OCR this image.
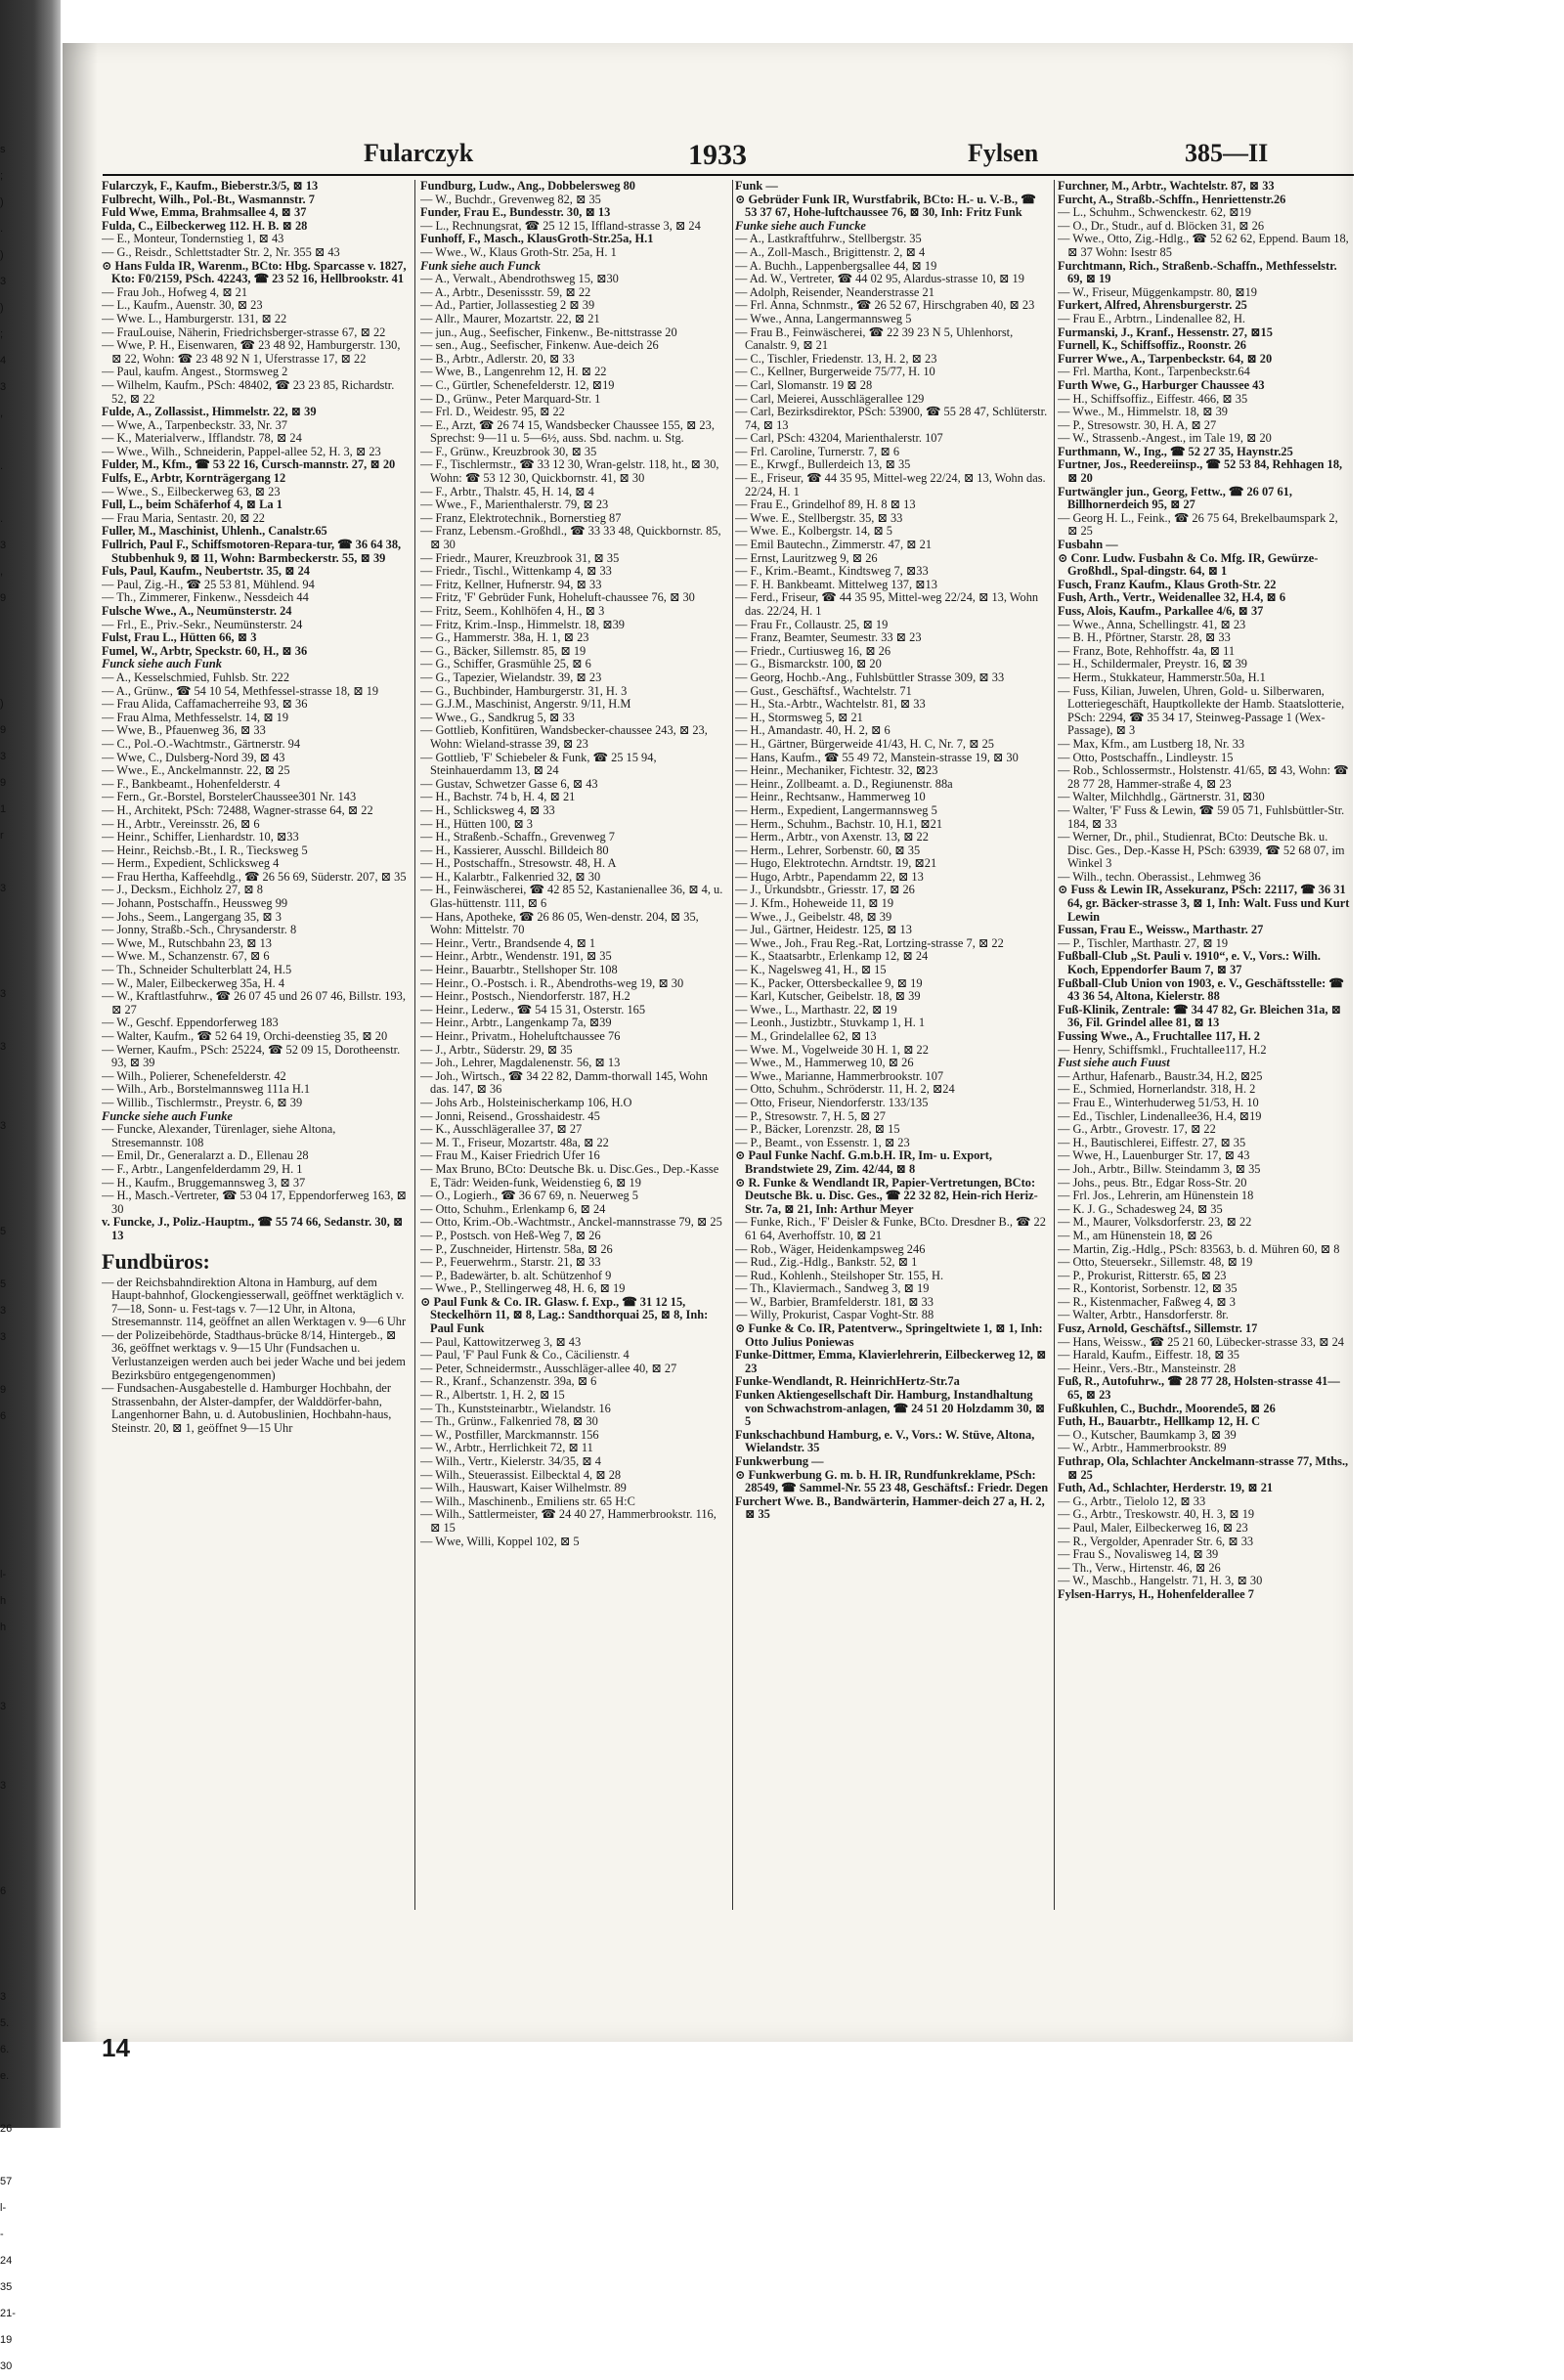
s
;
)
.
)
3
)
;
4
3
,

.

.
3
,
9

)
9
3
9
1
r

3

3

3

3

5

5
3
3

9
6

l-
h
h

3

3

6

3
5.
6.
e.

26

57
l-
-
24
35
21-
19
30
Fularczyk	1933	Fylsen	385—II
Fularczyk, F., Kaufm., Bieberstr.3/5, ⊠ 13
Fulbrecht, Wilh., Pol.-Bt., Wasmannstr. 7
Fuld Wwe, Emma, Brahmsallee 4, ⊠ 37
Fulda, C., Eilbeckerweg 112. H. B. ⊠ 28
— E., Monteur, Tondernstieg 1, ⊠ 43
— G., Reisdr., Schlettstadter Str. 2, Nr. 355 ⊠ 43
⊙ Hans Fulda IR, Warenm., BCto: Hbg. Sparcasse v. 1827, Kto: F0/2159, PSch. 42243, ☎ 23 52 16, Hellbrookstr. 41
— Frau Joh., Hofweg 4, ⊠ 21
— L., Kaufm., Auenstr. 30, ⊠ 23
— Wwe. L., Hamburgerstr. 131, ⊠ 22
— FrauLouise, Näherin, Friedrichsberger-strasse 67, ⊠ 22
— Wwe, P. H., Eisenwaren, ☎ 23 48 92, Hamburgerstr. 130, ⊠ 22, Wohn: ☎ 23 48 92 N 1, Uferstrasse 17, ⊠ 22
— Paul, kaufm. Angest., Stormsweg 2
— Wilhelm, Kaufm., PSch: 48402, ☎ 23 23 85, Richardstr. 52, ⊠ 22
Fulde, A., Zollassist., Himmelstr. 22, ⊠ 39
— Wwe, A., Tarpenbeckstr. 33, Nr. 37
— K., Materialverw., Ifflandstr. 78, ⊠ 24
— Wwe., Wilh., Schneiderin, Pappel-allee 52, H. 3, ⊠ 23
Fulder, M., Kfm., ☎ 53 22 16, Cursch-mannstr. 27, ⊠ 20
Fulfs, E., Arbtr, Kornträgergang 12
— Wwe., S., Eilbeckerweg 63, ⊠ 23
Full, L., beim Schäferhof 4, ⊠ La 1
— Frau Maria, Sentastr. 20, ⊠ 22
Fuller, M., Maschinist, Uhlenh., Canalstr.65
Fullrich, Paul F., Schiffsmotoren-Repara-tur, ☎ 36 64 38, Stubbenhuk 9, ⊠ 11, Wohn: Barmbeckerstr. 55, ⊠ 39
Fuls, Paul, Kaufm., Neubertstr. 35, ⊠ 24
— Paul, Zig.-H., ☎ 25 53 81, Mühlend. 94
— Th., Zimmerer, Finkenw., Nessdeich 44
Fulsche Wwe., A., Neumünsterstr. 24
— Frl., E., Priv.-Sekr., Neumünsterstr. 24
Fulst, Frau L., Hütten 66, ⊠ 3
Fumel, W., Arbtr, Speckstr. 60, H., ⊠ 36
Funck siehe auch Funk
— A., Kesselschmied, Fuhlsb. Str. 222
— A., Grünw., ☎ 54 10 54, Methfessel-strasse 18, ⊠ 19
— Frau Alida, Caffamacherreihe 93, ⊠ 36
— Frau Alma, Methfesselstr. 14, ⊠ 19
— Wwe, B., Pfauenweg 36, ⊠ 33
— C., Pol.-O.-Wachtmstr., Gärtnerstr. 94
— Wwe, C., Dulsberg-Nord 39, ⊠ 43
— Wwe., E., Anckelmannstr. 22, ⊠ 25
— F., Bankbeamt., Hohenfelderstr. 4
— Fern., Gr.-Borstel, BorstelerChaussee301 Nr. 143
— H., Architekt, PSch: 72488, Wagner-strasse 64, ⊠ 22
— H., Arbtr., Vereinsstr. 26, ⊠ 6
— Heinr., Schiffer, Lienhardstr. 10, ⊠33
— Heinr., Reichsb.-Bt., I. R., Tiecksweg 5
— Herm., Expedient, Schlicksweg 4
— Frau Hertha, Kaffeehdlg., ☎ 26 56 69, Süderstr. 207, ⊠ 35
— J., Decksm., Eichholz 27, ⊠ 8
— Johann, Postschaffn., Heussweg 99
— Johs., Seem., Langergang 35, ⊠ 3
— Jonny, Straßb.-Sch., Chrysanderstr. 8
— Wwe, M., Rutschbahn 23, ⊠ 13
— Wwe. M., Schanzenstr. 67, ⊠ 6
— Th., Schneider Schulterblatt 24, H.5
— W., Maler, Eilbeckerweg 35a, H. 4
— W., Kraftlastfuhrw., ☎ 26 07 45 und 26 07 46, Billstr. 193, ⊠ 27
— W., Geschf. Eppendorferweg 183
— Walter, Kaufm., ☎ 52 64 19, Orchi-deenstieg 35, ⊠ 20
— Werner, Kaufm., PSch: 25224, ☎ 52 09 15, Dorotheenstr. 93, ⊠ 39
— Wilh., Polierer, Schenefelderstr. 42
— Wilh., Arb., Borstelmannsweg 111a H.1
— Willib., Tischlermstr., Preystr. 6, ⊠ 39
Funcke siehe auch Funke
— Funcke, Alexander, Türenlager, siehe Altona, Stresemannstr. 108
— Emil, Dr., Generalarzt a. D., Ellenau 28
— F., Arbtr., Langenfelderdamm 29, H. 1
— H., Kaufm., Bruggemannsweg 3, ⊠ 37
— H., Masch.-Vertreter, ☎ 53 04 17, Eppendorferweg 163, ⊠ 30
v. Funcke, J., Poliz.-Hauptm., ☎ 55 74 66, Sedanstr. 30, ⊠ 13
Fundbüros:
— der Reichsbahndirektion Altona in Hamburg, auf dem Haupt-bahnhof, Glockengiesserwall, geöffnet werktäglich v. 7—18, Sonn- u. Fest-tags v. 7—12 Uhr, in Altona, Stresemannstr. 114, geöffnet an allen Werktagen v. 9—6 Uhr
— der Polizeibehörde, Stadthaus-brücke 8/14, Hintergeb., ⊠ 36, geöffnet werktags v. 9—15 Uhr (Fundsachen u. Verlustanzeigen werden auch bei jeder Wache und bei jedem Bezirksbüro entgegengenommen)
— Fundsachen-Ausgabestelle d. Hamburger Hochbahn, der Strassenbahn, der Alster-dampfer, der Walddörfer-bahn, Langenhorner Bahn, u. d. Autobuslinien, Hochbahn-haus, Steinstr. 20, ⊠ 1, geöffnet 9—15 Uhr
Fundburg, Ludw., Ang., Dobbelersweg 80
— W., Buchdr., Grevenweg 82, ⊠ 35
Funder, Frau E., Bundesstr. 30, ⊠ 13
— L., Rechnungsrat, ☎ 25 12 15, Iffland-strasse 3, ⊠ 24
Funhoff, F., Masch., KlausGroth-Str.25a, H.1
— Wwe., W., Klaus Groth-Str. 25a, H. 1
Funk siehe auch Funck
— A., Verwalt., Abendrothsweg 15, ⊠30
— A., Arbtr., Desenissstr. 59, ⊠ 22
— Ad., Partier, Jollassestieg 2 ⊠ 39
— Allr., Maurer, Mozartstr. 22, ⊠ 21
— jun., Aug., Seefischer, Finkenw., Be-nittstrasse 20
— sen., Aug., Seefischer, Finkenw. Aue-deich 26
— B., Arbtr., Adlerstr. 20, ⊠ 33
— Wwe, B., Langenrehm 12, H. ⊠ 22
— C., Gürtler, Schenefelderstr. 12, ⊠19
— D., Grünw., Peter Marquard-Str. 1
— Frl. D., Weidestr. 95, ⊠ 22
— E., Arzt, ☎ 26 74 15, Wandsbecker Chaussee 155, ⊠ 23, Sprechst: 9—11 u. 5—6½, auss. Sbd. nachm. u. Stg.
— F., Grünw., Kreuzbrook 30, ⊠ 35
— F., Tischlermstr., ☎ 33 12 30, Wran-gelstr. 118, ht., ⊠ 30, Wohn: ☎ 53 12 30, Quickbornstr. 41, ⊠ 30
— F., Arbtr., Thalstr. 45, H. 14, ⊠ 4
— Wwe., F., Marienthalerstr. 79, ⊠ 23
— Franz, Elektrotechnik., Bornerstieg 87
— Franz, Lebensm.-Großhdl., ☎ 33 33 48, Quickbornstr. 85, ⊠ 30
— Friedr., Maurer, Kreuzbrook 31, ⊠ 35
— Friedr., Tischl., Wittenkamp 4, ⊠ 33
— Fritz, Kellner, Hufnerstr. 94, ⊠ 33
— Fritz, 'F' Gebrüder Funk, Hoheluft-chaussee 76, ⊠ 30
— Fritz, Seem., Kohlhöfen 4, H., ⊠ 3
— Fritz, Krim.-Insp., Himmelstr. 18, ⊠39
— G., Hammerstr. 38a, H. 1, ⊠ 23
— G., Bäcker, Sillemstr. 85, ⊠ 19
— G., Schiffer, Grasmühle 25, ⊠ 6
— G., Tapezier, Wielandstr. 39, ⊠ 23
— G., Buchbinder, Hamburgerstr. 31, H. 3
— G.J.M., Maschinist, Angerstr. 9/11, H.M
— Wwe., G., Sandkrug 5, ⊠ 33
— Gottlieb, Konfitüren, Wandsbecker-chaussee 243, ⊠ 23, Wohn: Wieland-strasse 39, ⊠ 23
— Gottlieb, 'F' Schiebeler & Funk, ☎ 25 15 94, Steinhauerdamm 13, ⊠ 24
— Gustav, Schwetzer Gasse 6, ⊠ 43
— H., Bachstr. 74 b, H. 4, ⊠ 21
— H., Schlicksweg 4, ⊠ 33
— H., Hütten 100, ⊠ 3
— H., Straßenb.-Schaffn., Grevenweg 7
— H., Kassierer, Ausschl. Billdeich 80
— H., Postschaffn., Stresowstr. 48, H. A
— H., Kalarbtr., Falkenried 32, ⊠ 30
— H., Feinwäscherei, ☎ 42 85 52, Kastanienallee 36, ⊠ 4, u. Glas-hüttenstr. 111, ⊠ 6
— Hans, Apotheke, ☎ 26 86 05, Wen-denstr. 204, ⊠ 35, Wohn: Mittelstr. 70
— Heinr., Vertr., Brandsende 4, ⊠ 1
— Heinr., Arbtr., Wendenstr. 191, ⊠ 35
— Heinr., Bauarbtr., Stellshoper Str. 108
— Heinr., O.-Postsch. i. R., Abendroths-weg 19, ⊠ 30
— Heinr., Postsch., Niendorferstr. 187, H.2
— Heinr., Lederw., ☎ 54 15 31, Osterstr. 165
— Heinr., Arbtr., Langenkamp 7a, ⊠39
— Heinr., Privatm., Hoheluftchaussee 76
— J., Arbtr., Süderstr. 29, ⊠ 35
— Joh., Lehrer, Magdalenenstr. 56, ⊠ 13
— Joh., Wirtsch., ☎ 34 22 82, Damm-thorwall 145, Wohn das. 147, ⊠ 36
— Johs Arb., Holsteinischerkamp 106, H.O
— Jonni, Reisend., Grosshaidestr. 45
— K., Ausschlägerallee 37, ⊠ 27
— M. T., Friseur, Mozartstr. 48a, ⊠ 22
— Frau M., Kaiser Friedrich Ufer 16
— Max Bruno, BCto: Deutsche Bk. u. Disc.Ges., Dep.-Kasse E, Tädr: Weiden-funk, Weidenstieg 6, ⊠ 19
— O., Logierh., ☎ 36 67 69, n. Neuerweg 5
— Otto, Schuhm., Erlenkamp 6, ⊠ 24
— Otto, Krim.-Ob.-Wachtmstr., Anckel-mannstrasse 79, ⊠ 25
— P., Postsch. von Heß-Weg 7, ⊠ 26
— P., Zuschneider, Hirtenstr. 58a, ⊠ 26
— P., Feuerwehrm., Starstr. 21, ⊠ 33
— P., Badewärter, b. alt. Schützenhof 9
— Wwe., P., Stellingerweg 48, H. 6, ⊠ 19
⊙ Paul Funk & Co. IR. Glasw. f. Exp., ☎ 31 12 15, Steckelhörn 11, ⊠ 8, Lag.: Sandthorquai 25, ⊠ 8, Inh: Paul Funk
— Paul, Kattowitzerweg 3, ⊠ 43
— Paul, 'F' Paul Funk & Co., Cäcilienstr. 4
— Peter, Schneidermstr., Ausschläger-allee 40, ⊠ 27
— R., Kranf., Schanzenstr. 39a, ⊠ 6
— R., Albertstr. 1, H. 2, ⊠ 15
— Th., Kunststeinarbtr., Wielandstr. 16
— Th., Grünw., Falkenried 78, ⊠ 30
— W., Postfiller, Marckmannstr. 156
— W., Arbtr., Herrlichkeit 72, ⊠ 11
— Wilh., Vertr., Kielerstr. 34/35, ⊠ 4
— Wilh., Steuerassist. Eilbecktal 4, ⊠ 28
— Wilh., Hauswart, Kaiser Wilhelmstr. 89
— Wilh., Maschinenb., Emiliens str. 65 H:C
— Wilh., Sattlermeister, ☎ 24 40 27, Hammerbrookstr. 116, ⊠ 15
— Wwe, Willi, Koppel 102, ⊠ 5
Funk —
⊙ Gebrüder Funk IR, Wurstfabrik, BCto: H.- u. V.-B., ☎ 53 37 67, Hohe-luftchaussee 76, ⊠ 30, Inh: Fritz Funk
Funke siehe auch Funcke
— A., Lastkraftfuhrw., Stellbergstr. 35
— A., Zoll-Masch., Brigittenstr. 2, ⊠ 4
— A. Buchh., Lappenbergsallee 44, ⊠ 19
— Ad. W., Vertreter, ☎ 44 02 95, Alardus-strasse 10, ⊠ 19
— Adolph, Reisender, Neanderstrasse 21
— Frl. Anna, Schnmstr., ☎ 26 52 67, Hirschgraben 40, ⊠ 23
— Wwe., Anna, Langermannsweg 5
— Frau B., Feinwäscherei, ☎ 22 39 23 N 5, Uhlenhorst, Canalstr. 9, ⊠ 21
— C., Tischler, Friedenstr. 13, H. 2, ⊠ 23
— C., Kellner, Burgerweide 75/77, H. 10
— Carl, Slomanstr. 19 ⊠ 28
— Carl, Meierei, Ausschlägerallee 129
— Carl, Bezirksdirektor, PSch: 53900, ☎ 55 28 47, Schlüterstr. 74, ⊠ 13
— Carl, PSch: 43204, Marienthalerstr. 107
— Frl. Caroline, Turnerstr. 7, ⊠ 6
— E., Krwgf., Bullerdeich 13, ⊠ 35
— E., Friseur, ☎ 44 35 95, Mittel-weg 22/24, ⊠ 13, Wohn das. 22/24, H. 1
— Frau E., Grindelhof 89, H. 8 ⊠ 13
— Wwe. E., Stellbergstr. 35, ⊠ 33
— Wwe. E., Kolbergstr. 14, ⊠ 5
— Emil Bautechn., Zimmerstr. 47, ⊠ 21
— Ernst, Lauritzweg 9, ⊠ 26
— F., Krim.-Beamt., Kindtsweg 7, ⊠33
— F. H. Bankbeamt. Mittelweg 137, ⊠13
— Ferd., Friseur, ☎ 44 35 95, Mittel-weg 22/24, ⊠ 13, Wohn das. 22/24, H. 1
— Frau Fr., Collaustr. 25, ⊠ 19
— Franz, Beamter, Seumestr. 33 ⊠ 23
— Friedr., Curtiusweg 16, ⊠ 26
— G., Bismarckstr. 100, ⊠ 20
— Georg, Hochb.-Ang., Fuhlsbüttler Strasse 309, ⊠ 33
— Gust., Geschäftsf., Wachtelstr. 71
— H., Sta.-Arbtr., Wachtelstr. 81, ⊠ 33
— H., Stormsweg 5, ⊠ 21
— H., Amandastr. 40, H. 2, ⊠ 6
— H., Gärtner, Bürgerweide 41/43, H. C, Nr. 7, ⊠ 25
— Hans, Kaufm., ☎ 55 49 72, Manstein-strasse 19, ⊠ 30
— Heinr., Mechaniker, Fichtestr. 32, ⊠23
— Heinr., Zollbeamt. a. D., Regiunenstr. 88a
— Heinr., Rechtsanw., Hammerweg 10
— Herm., Expedient, Langermannsweg 5
— Herm., Schuhm., Bachstr. 10, H.1, ⊠21
— Herm., Arbtr., von Axenstr. 13, ⊠ 22
— Herm., Lehrer, Sorbenstr. 60, ⊠ 35
— Hugo, Elektrotechn. Arndtstr. 19, ⊠21
— Hugo, Arbtr., Papendamm 22, ⊠ 13
— J., Urkundsbtr., Griesstr. 17, ⊠ 26
— J. Kfm., Hoheweide 11, ⊠ 19
— Wwe., J., Geibelstr. 48, ⊠ 39
— Jul., Gärtner, Heidestr. 125, ⊠ 13
— Wwe., Joh., Frau Reg.-Rat, Lortzing-strasse 7, ⊠ 22
— K., Staatsarbtr., Erlenkamp 12, ⊠ 24
— K., Nagelsweg 41, H., ⊠ 15
— K., Packer, Ottersbeckallee 9, ⊠ 19
— Karl, Kutscher, Geibelstr. 18, ⊠ 39
— Wwe., L., Marthastr. 22, ⊠ 19
— Leonh., Justizbtr., Stuvkamp 1, H. 1
— M., Grindelallee 62, ⊠ 13
— Wwe. M., Vogelweide 30 H. 1, ⊠ 22
— Wwe., M., Hammerweg 10, ⊠ 26
— Wwe., Marianne, Hammerbrookstr. 107
— Otto, Schuhm., Schröderstr. 11, H. 2, ⊠24
— Otto, Friseur, Niendorferstr. 133/135
— P., Stresowstr. 7, H. 5, ⊠ 27
— P., Bäcker, Lorenzstr. 28, ⊠ 15
— P., Beamt., von Essenstr. 1, ⊠ 23
⊙ Paul Funke Nachf. G.m.b.H. IR, Im- u. Export, Brandstwiete 29, Zim. 42/44, ⊠ 8
⊙ R. Funke & Wendlandt IR, Papier-Vertretungen, BCto: Deutsche Bk. u. Disc. Ges., ☎ 22 32 82, Hein-rich Heriz-Str. 7a, ⊠ 21, Inh: Arthur Meyer
— Funke, Rich., 'F' Deisler & Funke, BCto. Dresdner B., ☎ 22 61 64, Averhoffstr. 10, ⊠ 21
— Rob., Wäger, Heidenkampsweg 246
— Rud., Zig.-Hdlg., Bankstr. 52, ⊠ 1
— Rud., Kohlenh., Steilshoper Str. 155, H.
— Th., Klaviermach., Sandweg 3, ⊠ 19
— W., Barbier, Bramfelderstr. 181, ⊠ 33
— Willy, Prokurist, Caspar Voght-Str. 88
⊙ Funke & Co. IR, Patentverw., Springeltwiete 1, ⊠ 1, Inh: Otto Julius Poniewas
Funke-Dittmer, Emma, Klavierlehrerin, Eilbeckerweg 12, ⊠ 23
Funke-Wendlandt, R. HeinrichHertz-Str.7a
Funken Aktiengesellschaft Dir. Hamburg, Instandhaltung von Schwachstrom-anlagen, ☎ 24 51 20 Holzdamm 30, ⊠ 5
Funkschachbund Hamburg, e. V., Vors.: W. Stüve, Altona, Wielandstr. 35
Funkwerbung —
⊙ Funkwerbung G. m. b. H. IR, Rundfunkreklame, PSch: 28549, ☎ Sammel-Nr. 55 23 48, Geschäftsf.: Friedr. Degen
Furchert Wwe. B., Bandwärterin, Hammer-deich 27 a, H. 2, ⊠ 35
Furchner, M., Arbtr., Wachtelstr. 87, ⊠ 33
Furcht, A., Straßb.-Schffn., Henriettenstr.26
— L., Schuhm., Schwenckestr. 62, ⊠19
— O., Dr., Studr., auf d. Blöcken 31, ⊠ 26
— Wwe., Otto, Zig.-Hdlg., ☎ 52 62 62, Eppend. Baum 18, ⊠ 37 Wohn: Isestr 85
Furchtmann, Rich., Straßenb.-Schaffn., Methfesselstr. 69, ⊠ 19
— W., Friseur, Müggenkampstr. 80, ⊠19
Furkert, Alfred, Ahrensburgerstr. 25
— Frau E., Arbtrn., Lindenallee 82, H.
Furmanski, J., Kranf., Hessenstr. 27, ⊠15
Furnell, K., Schiffsoffiz., Roonstr. 26
Furrer Wwe., A., Tarpenbeckstr. 64, ⊠ 20
— Frl. Martha, Kont., Tarpenbeckstr.64
Furth Wwe, G., Harburger Chaussee 43
— H., Schiffsoffiz., Eiffestr. 466, ⊠ 35
— Wwe., M., Himmelstr. 18, ⊠ 39
— P., Stresowstr. 30, H. A, ⊠ 27
— W., Strassenb.-Angest., im Tale 19, ⊠ 20
Furthmann, W., Ing., ☎ 52 27 35, Haynstr.25
Furtner, Jos., Reedereiinsp., ☎ 52 53 84, Rehhagen 18, ⊠ 20
Furtwängler jun., Georg, Fettw., ☎ 26 07 61, Billhornerdeich 95, ⊠ 27
— Georg H. L., Feink., ☎ 26 75 64, Brekelbaumspark 2, ⊠ 25
Fusbahn —
⊙ Conr. Ludw. Fusbahn & Co. Mfg. IR, Gewürze-Großhdl., Spal-dingstr. 64, ⊠ 1
Fusch, Franz Kaufm., Klaus Groth-Str. 22
Fush, Arth., Vertr., Weidenallee 32, H.4, ⊠ 6
Fuss, Alois, Kaufm., Parkallee 4/6, ⊠ 37
— Wwe., Anna, Schellingstr. 41, ⊠ 23
— B. H., Pförtner, Starstr. 28, ⊠ 33
— Franz, Bote, Rehhoffstr. 4a, ⊠ 11
— H., Schildermaler, Preystr. 16, ⊠ 39
— Herm., Stukkateur, Hammerstr.50a, H.1
— Fuss, Kilian, Juwelen, Uhren, Gold- u. Silberwaren, Lotteriegeschäft, Hauptkollekte der Hamb. Staatslotterie, PSch: 2294, ☎ 35 34 17, Steinweg-Passage 1 (Wex-Passage), ⊠ 3
— Max, Kfm., am Lustberg 18, Nr. 33
— Otto, Postschaffn., Lindleystr. 15
— Rob., Schlossermstr., Holstenstr. 41/65, ⊠ 43, Wohn: ☎ 28 77 28, Hammer-straße 4, ⊠ 23
— Walter, Milchhdlg., Gärtnerstr. 31, ⊠30
— Walter, 'F' Fuss & Lewin, ☎ 59 05 71, Fuhlsbüttler-Str. 184, ⊠ 33
— Werner, Dr., phil., Studienrat, BCto: Deutsche Bk. u. Disc. Ges., Dep.-Kasse H, PSch: 63939, ☎ 52 68 07, im Winkel 3
— Wilh., techn. Oberassist., Lehmweg 36
⊙ Fuss & Lewin IR, Assekuranz, PSch: 22117, ☎ 36 31 64, gr. Bäcker-strasse 3, ⊠ 1, Inh: Walt. Fuss und Kurt Lewin
Fussan, Frau E., Weissw., Marthastr. 27
— P., Tischler, Marthastr. 27, ⊠ 19
Fußball-Club „St. Pauli v. 1910“, e. V., Vors.: Wilh. Koch, Eppendorfer Baum 7, ⊠ 37
Fußball-Club Union von 1903, e. V., Geschäftsstelle: ☎ 43 36 54, Altona, Kielerstr. 88
Fuß-Klinik, Zentrale: ☎ 34 47 82, Gr. Bleichen 31a, ⊠ 36, Fil. Grindel allee 81, ⊠ 13
Fussing Wwe., A., Fruchtallee 117, H. 2
— Henry, Schiffsmkl., Fruchtallee117, H.2
Fust siehe auch Fuust
— Arthur, Hafenarb., Baustr.34, H.2, ⊠25
— E., Schmied, Hornerlandstr. 318, H. 2
— Frau E., Winterhuderweg 51/53, H. 10
— Ed., Tischler, Lindenallee36, H.4, ⊠19
— G., Arbtr., Grovestr. 17, ⊠ 22
— H., Bautischlerei, Eiffestr. 27, ⊠ 35
— Wwe, H., Lauenburger Str. 17, ⊠ 43
— Joh., Arbtr., Billw. Steindamm 3, ⊠ 35
— Johs., peus. Btr., Edgar Ross-Str. 20
— Frl. Jos., Lehrerin, am Hünenstein 18
— K. J. G., Schadesweg 24, ⊠ 35
— M., Maurer, Volksdorferstr. 23, ⊠ 22
— M., am Hünenstein 18, ⊠ 26
— Martin, Zig.-Hdlg., PSch: 83563, b. d. Mühren 60, ⊠ 8
— Otto, Steuersekr., Sillemstr. 48, ⊠ 19
— P., Prokurist, Ritterstr. 65, ⊠ 23
— R., Kontorist, Sorbenstr. 12, ⊠ 35
— R., Kistenmacher, Faßweg 4, ⊠ 3
— Walter, Arbtr., Hansdorferstr. 8r.
Fusz, Arnold, Geschäftsf., Sillemstr. 17
— Hans, Weissw., ☎ 25 21 60, Lübecker-strasse 33, ⊠ 24
— Harald, Kaufm., Eiffestr. 18, ⊠ 35
— Heinr., Vers.-Btr., Mansteinstr. 28
Fuß, R., Autofuhrw., ☎ 28 77 28, Holsten-strasse 41—65, ⊠ 23
Fußkuhlen, C., Buchdr., Moorende5, ⊠ 26
Futh, H., Bauarbtr., Hellkamp 12, H. C
— O., Kutscher, Baumkamp 3, ⊠ 39
— W., Arbtr., Hammerbrookstr. 89
Futhrap, Ola, Schlachter Anckelmann-strasse 77, Mths., ⊠ 25
Futh, Ad., Schlachter, Herderstr. 19, ⊠ 21
— G., Arbtr., Tielolo 12, ⊠ 33
— G., Arbtr., Treskowstr. 40, H. 3, ⊠ 19
— Paul, Maler, Eilbeckerweg 16, ⊠ 23
— R., Vergolder, Apenrader Str. 6, ⊠ 33
— Frau S., Novalisweg 14, ⊠ 39
— Th., Verw., Hirtenstr. 46, ⊠ 26
— W., Maschb., Hangelstr. 71, H. 3, ⊠ 30
Fylsen-Harrys, H., Hohenfelderallee 7
14
